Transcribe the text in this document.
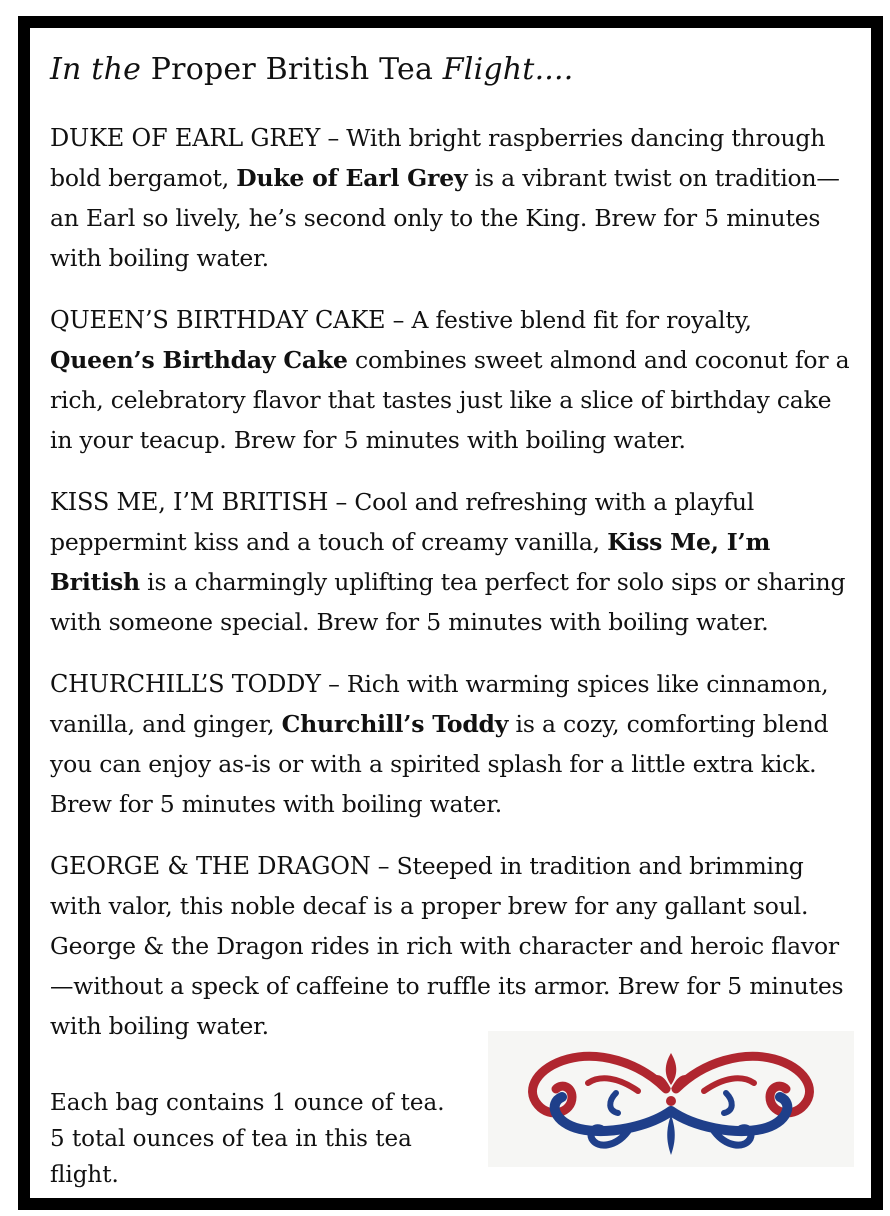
In the Proper British Tea Flight....

DUKE OF EARL GREY – With bright raspberries dancing through bold bergamot, Duke of Earl Grey is a vibrant twist on tradition—an Earl so lively, he’s second only to the King. Brew for 5 minutes with boiling water.

QUEEN’S BIRTHDAY CAKE – A festive blend fit for royalty, Queen’s Birthday Cake combines sweet almond and coconut for a rich, celebratory flavor that tastes just like a slice of birthday cake in your teacup. Brew for 5 minutes with boiling water.

KISS ME, I’M BRITISH – Cool and refreshing with a playful peppermint kiss and a touch of creamy vanilla, Kiss Me, I’m British is a charmingly uplifting tea perfect for solo sips or sharing with someone special. Brew for 5 minutes with boiling water.

CHURCHILL’S TODDY – Rich with warming spices like cinnamon, vanilla, and ginger, Churchill’s Toddy is a cozy, comforting blend you can enjoy as-is or with a spirited splash for a little extra kick. Brew for 5 minutes with boiling water.

GEORGE & THE DRAGON – Steeped in tradition and brimming with valor, this noble decaf is a proper brew for any gallant soul. George & the Dragon rides in rich with character and heroic flavor—without a speck of caffeine to ruffle its armor. Brew for 5 minutes with boiling water.

Each bag contains 1 ounce of tea.
5 total ounces of tea in this tea flight.
